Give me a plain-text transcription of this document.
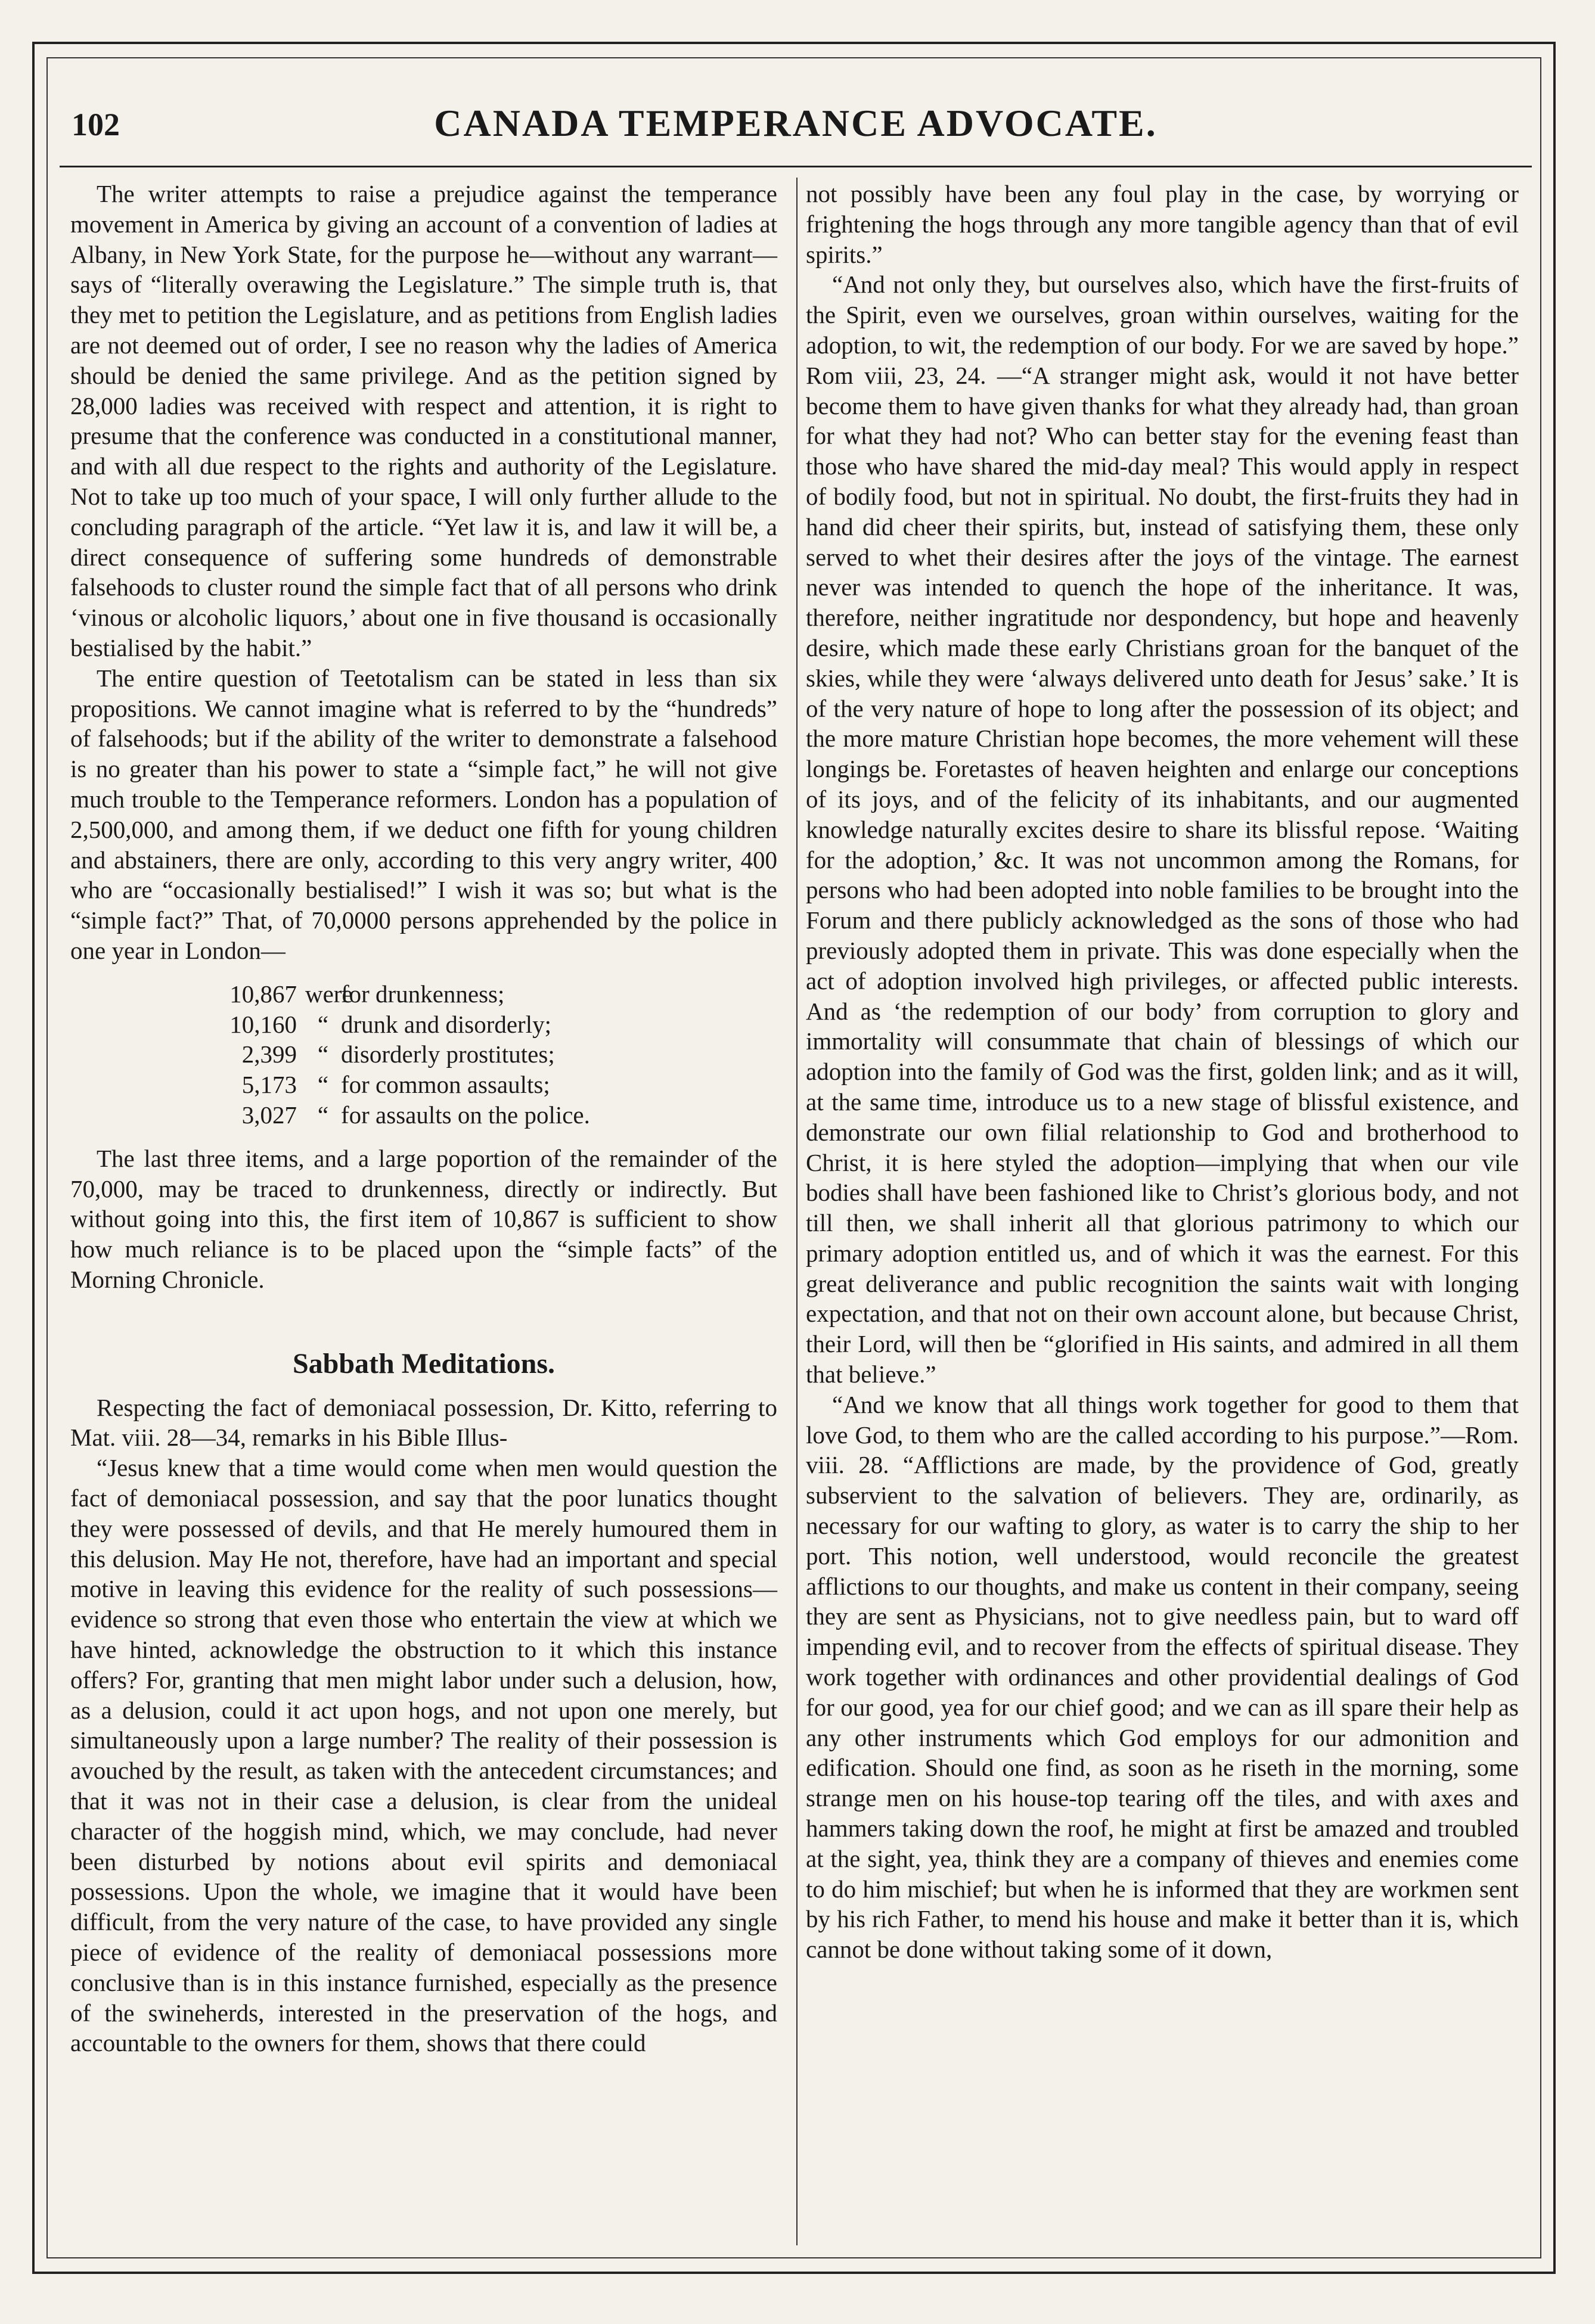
102	CANADA TEMPERANCE ADVOCATE.

The writer attempts to raise a prejudice against the temperance movement in America by giving an account of a convention of ladies at Albany, in New York State, for the purpose he—without any warrant—says of “literally overawing the Legislature.” The simple truth is, that they met to petition the Legislature, and as petitions from English ladies are not deemed out of order, I see no reason why the ladies of America should be denied the same privilege. And as the petition signed by 28,000 ladies was received with respect and attention, it is right to presume that the conference was conducted in a constitutional manner, and with all due respect to the rights and authority of the Legislature. Not to take up too much of your space, I will only further allude to the concluding paragraph of the article. “Yet law it is, and law it will be, a direct consequence of suffering some hundreds of demonstrable falsehoods to cluster round the simple fact that of all persons who drink ‘vinous or alcoholic liquors,’ about one in five thousand is occasionally bestialised by the habit.”

The entire question of Teetotalism can be stated in less than six propositions. We cannot imagine what is referred to by the “hundreds” of falsehoods; but if the ability of the writer to demonstrate a falsehood is no greater than his power to state a “simple fact,” he will not give much trouble to the Temperance reformers. London has a population of 2,500,000, and among them, if we deduct one fifth for young children and abstainers, there are only, according to this very angry writer, 400 who are “occasionally bestialised!” I wish it was so; but what is the “simple fact?” That, of 70,0000 persons apprehended by the police in one year in London—

10,867 were
for drunkenness;
10,160 “ drunk and disorderly;
2,399 “ disorderly prostitutes;
5,173 “ for common assaults;
3,027 “ for assaults on the police.

The last three items, and a large poportion of the remainder of the 70,000, may be traced to drunkenness, directly or indirectly. But without going into this, the first item of 10,867 is sufficient to show how much reliance is to be placed upon the “simple facts” of the Morning Chronicle.

Sabbath Meditations.

Respecting the fact of demoniacal possession, Dr. Kitto, referring to Mat. viii. 28—34, remarks in his Bible Illus-

“Jesus knew that a time would come when men would question the fact of demoniacal possession, and say that the poor lunatics thought they were possessed of devils, and that He merely humoured them in this delusion. May He not, therefore, have had an important and special motive in leaving this evidence for the reality of such possessions—evidence so strong that even those who entertain the view at which we have hinted, acknowledge the obstruction to it which this instance offers? For, granting that men might labor under such a delusion, how, as a delusion, could it act upon hogs, and not upon one merely, but simultaneously upon a large number? The reality of their possession is avouched by the result, as taken with the antecedent circumstances; and that it was not in their case a delusion, is clear from the unideal character of the hoggish mind, which, we may conclude, had never been disturbed by notions about evil spirits and demoniacal possessions. Upon the whole, we imagine that it would have been difficult, from the very nature of the case, to have provided any single piece of evidence of the reality of demoniacal possessions more conclusive than is in this instance furnished, especially as the presence of the swineherds, interested in the preservation of the hogs, and accountable to the owners for them, shows that there could

not possibly have been any foul play in the case, by worrying or frightening the hogs through any more tangible agency than that of evil spirits.”

“And not only they, but ourselves also, which have the first-fruits of the Spirit, even we ourselves, groan within ourselves, waiting for the adoption, to wit, the redemption of our body. For we are saved by hope.” Rom viii, 23, 24. —“A stranger might ask, would it not have better become them to have given thanks for what they already had, than groan for what they had not? Who can better stay for the evening feast than those who have shared the mid-day meal? This would apply in respect of bodily food, but not in spiritual. No doubt, the first-fruits they had in hand did cheer their spirits, but, instead of satisfying them, these only served to whet their desires after the joys of the vintage. The earnest never was intended to quench the hope of the inheritance. It was, therefore, neither ingratitude nor despondency, but hope and heavenly desire, which made these early Christians groan for the banquet of the skies, while they were ‘always delivered unto death for Jesus’ sake.’ It is of the very nature of hope to long after the possession of its object; and the more mature Christian hope becomes, the more vehement will these longings be. Foretastes of heaven heighten and enlarge our conceptions of its joys, and of the felicity of its inhabitants, and our augmented knowledge naturally excites desire to share its blissful repose. ‘Waiting for the adoption,’ &c. It was not uncommon among the Romans, for persons who had been adopted into noble families to be brought into the Forum and there publicly acknowledged as the sons of those who had previously adopted them in private. This was done especially when the act of adoption involved high privileges, or affected public interests. And as ‘the redemption of our body’ from corruption to glory and immortality will consummate that chain of blessings of which our adoption into the family of God was the first, golden link; and as it will, at the same time, introduce us to a new stage of blissful existence, and demonstrate our own filial relationship to God and brotherhood to Christ, it is here styled the adoption—implying that when our vile bodies shall have been fashioned like to Christ’s glorious body, and not till then, we shall inherit all that glorious patrimony to which our primary adoption entitled us, and of which it was the earnest. For this great deliverance and public recognition the saints wait with longing expectation, and that not on their own account alone, but because Christ, their Lord, will then be “glorified in His saints, and admired in all them that believe.”

“And we know that all things work together for good to them that love God, to them who are the called according to his purpose.”—Rom. viii. 28. “Afflictions are made, by the providence of God, greatly subservient to the salvation of believers. They are, ordinarily, as necessary for our wafting to glory, as water is to carry the ship to her port. This notion, well understood, would reconcile the greatest afflictions to our thoughts, and make us content in their company, seeing they are sent as Physicians, not to give needless pain, but to ward off impending evil, and to recover from the effects of spiritual disease. They work together with ordinances and other providential dealings of God for our good, yea for our chief good; and we can as ill spare their help as any other instruments which God employs for our admonition and edification. Should one find, as soon as he riseth in the morning, some strange men on his house-top tearing off the tiles, and with axes and hammers taking down the roof, he might at first be amazed and troubled at the sight, yea, think they are a company of thieves and enemies come to do him mischief; but when he is informed that they are workmen sent by his rich Father, to mend his house and make it better than it is, which cannot be done without taking some of it down,
